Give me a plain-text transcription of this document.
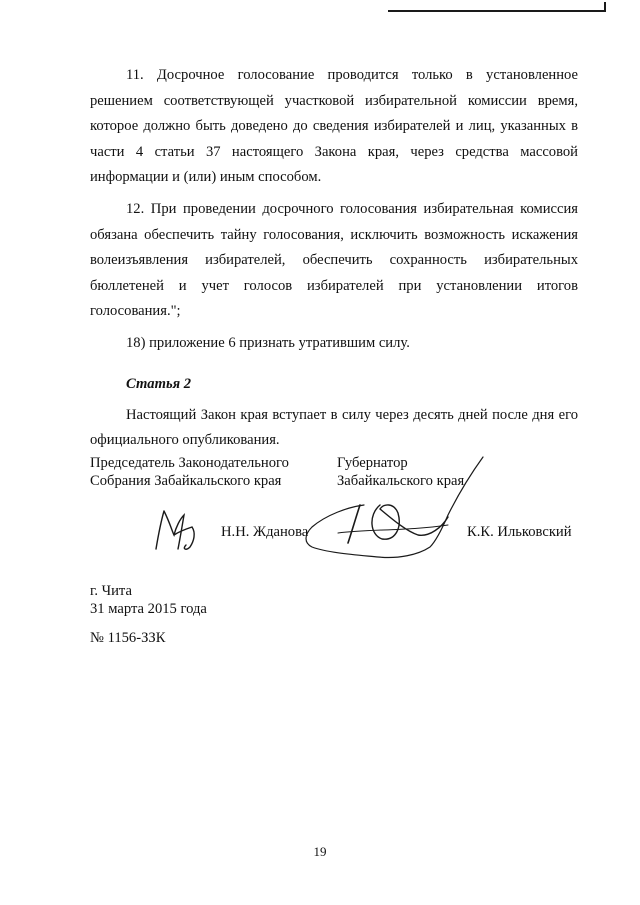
11. Досрочное голосование проводится только в установленное решением соответствующей участковой избирательной комиссии время, которое должно быть доведено до сведения избирателей и лиц, указанных в части 4 статьи 37 настоящего Закона края, через средства массовой информации и (или) иным способом.

12. При проведении досрочного голосования избирательная комиссия обязана обеспечить тайну голосования, исключить возможность искажения волеизъявления избирателей, обеспечить сохранность избирательных бюллетеней и учет голосов избирателей при установлении итогов голосования.";

18) приложение 6 признать утратившим силу.

Статья 2

Настоящий Закон края вступает в силу через десять дней после дня его официального опубликования.

Председатель Законодательного
Собрания Забайкальского края
Губернатор
Забайкальского края
Н.Н. Жданова	К.К. Ильковский
г. Чита
31 марта 2015 года
№ 1156-ЗЗК
19
